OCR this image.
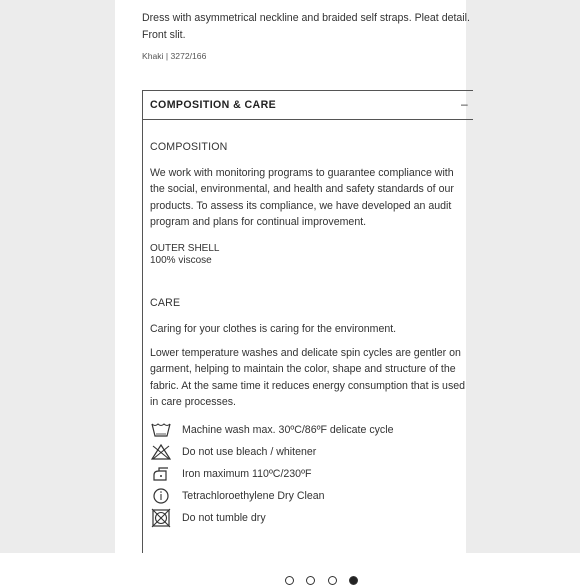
Dress with asymmetrical neckline and braided self straps. Pleat detail. Front slit.
Khaki | 3272/166
COMPOSITION & CARE	–
COMPOSITION
We work with monitoring programs to guarantee compliance with the social, environmental, and health and safety standards of our products. To assess its compliance, we have developed an audit program and plans for continual improvement.
OUTER SHELL
100% viscose
CARE
Caring for your clothes is caring for the environment.
Lower temperature washes and delicate spin cycles are gentler on garment, helping to maintain the color, shape and structure of the fabric. At the same time it reduces energy consumption that is used in care processes.
Machine wash max. 30ºC/86ºF delicate cycle
Do not use bleach / whitener
Iron maximum 110ºC/230ºF
Tetrachloroethylene Dry Clean
Do not tumble dry
